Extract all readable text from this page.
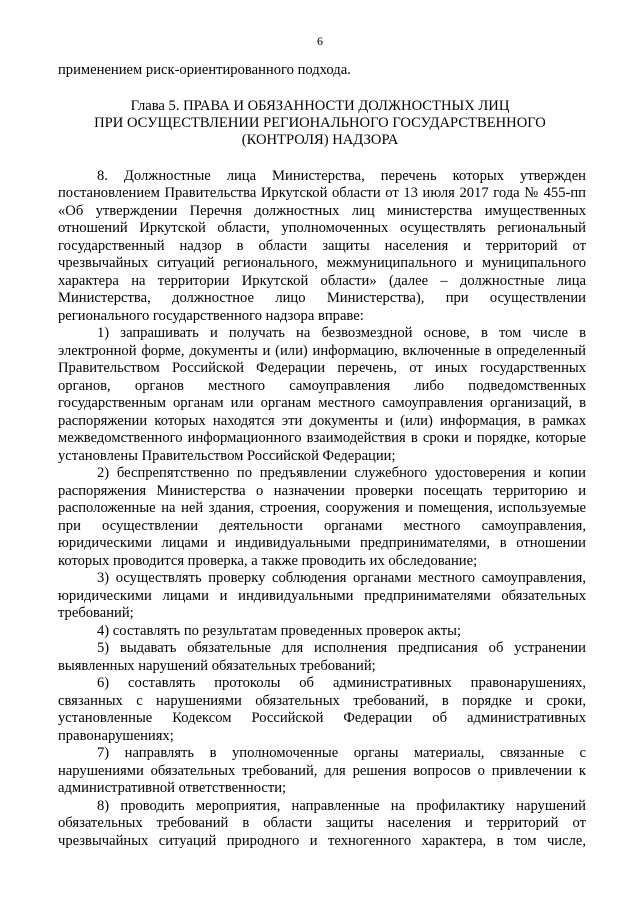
6
применением риск-ориентированного подхода.
Глава 5. ПРАВА И ОБЯЗАННОСТИ ДОЛЖНОСТНЫХ ЛИЦ
ПРИ ОСУЩЕСТВЛЕНИИ РЕГИОНАЛЬНОГО ГОСУДАРСТВЕННОГО
(КОНТРОЛЯ) НАДЗОРА
8. Должностные лица Министерства, перечень которых утвержден
постановлением Правительства Иркутской области от 13 июля 2017 года № 455-пп
«Об утверждении Перечня должностных лиц министерства имущественных
отношений Иркутской области, уполномоченных осуществлять региональный
государственный надзор в области защиты населения и территорий от
чрезвычайных ситуаций регионального, межмуниципального и муниципального
характера на территории Иркутской области» (далее – должностные лица
Министерства, должностное лицо Министерства), при осуществлении
регионального государственного надзора вправе:
1) запрашивать и получать на безвозмездной основе, в том числе в
электронной форме, документы и (или) информацию, включенные в определенный
Правительством Российской Федерации перечень, от иных государственных
органов, органов местного самоуправления либо подведомственных
государственным органам или органам местного самоуправления организаций, в
распоряжении которых находятся эти документы и (или) информация, в рамках
межведомственного информационного взаимодействия в сроки и порядке, которые
установлены Правительством Российской Федерации;
2) беспрепятственно по предъявлении служебного удостоверения и копии
распоряжения Министерства о назначении проверки посещать территорию и
расположенные на ней здания, строения, сооружения и помещения, используемые
при осуществлении деятельности органами местного самоуправления,
юридическими лицами и индивидуальными предпринимателями, в отношении
которых проводится проверка, а также проводить их обследование;
3) осуществлять проверку соблюдения органами местного самоуправления,
юридическими лицами и индивидуальными предпринимателями обязательных
требований;
4) составлять по результатам проведенных проверок акты;
5) выдавать обязательные для исполнения предписания об устранении
выявленных нарушений обязательных требований;
6) составлять протоколы об административных правонарушениях,
связанных с нарушениями обязательных требований, в порядке и сроки,
установленные Кодексом Российской Федерации об административных
правонарушениях;
7) направлять в уполномоченные органы материалы, связанные с
нарушениями обязательных требований, для решения вопросов о привлечении к
административной ответственности;
8) проводить мероприятия, направленные на профилактику нарушений
обязательных требований в области защиты населения и территорий от
чрезвычайных ситуаций природного и техногенного характера, в том числе,
